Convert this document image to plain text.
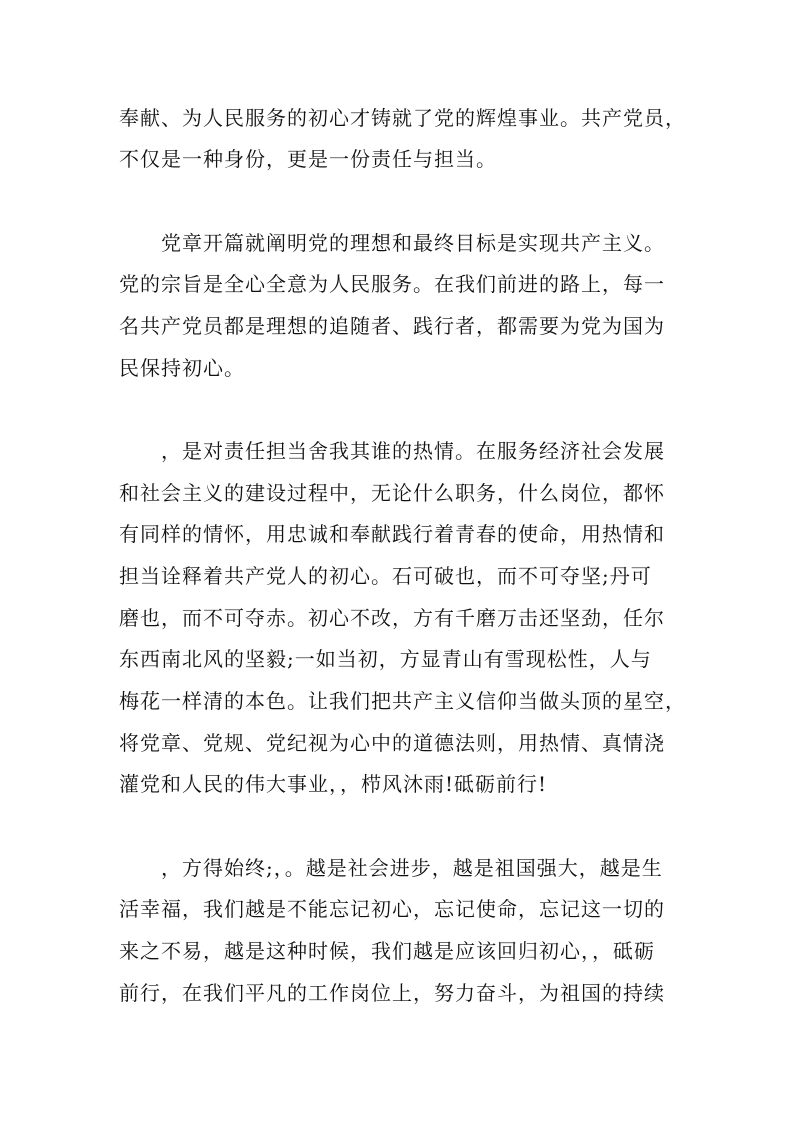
奉献、为人民服务的初心才铸就了党的辉煌事业。共产党员，
不仅是一种身份，更是一份责任与担当。
党章开篇就阐明党的理想和最终目标是实现共产主义。
党的宗旨是全心全意为人民服务。在我们前进的路上，每一
名共产党员都是理想的追随者、践行者，都需要为党为国为
民保持初心。
，是对责任担当舍我其谁的热情。在服务经济社会发展
和社会主义的建设过程中，无论什么职务，什么岗位，都怀
有同样的情怀，用忠诚和奉献践行着青春的使命，用热情和
担当诠释着共产党人的初心。石可破也，而不可夺坚;丹可
磨也，而不可夺赤。初心不改，方有千磨万击还坚劲，任尔
东西南北风的坚毅;一如当初，方显青山有雪现松性，人与
梅花一样清的本色。让我们把共产主义信仰当做头顶的星空，
将党章、党规、党纪视为心中的道德法则，用热情、真情浇
灌党和人民的伟大事业，，栉风沐雨!砥砺前行!
，方得始终;，。越是社会进步，越是祖国强大，越是生
活幸福，我们越是不能忘记初心，忘记使命，忘记这一切的
来之不易，越是这种时候，我们越是应该回归初心，，砥砺
前行，在我们平凡的工作岗位上，努力奋斗，为祖国的持续
